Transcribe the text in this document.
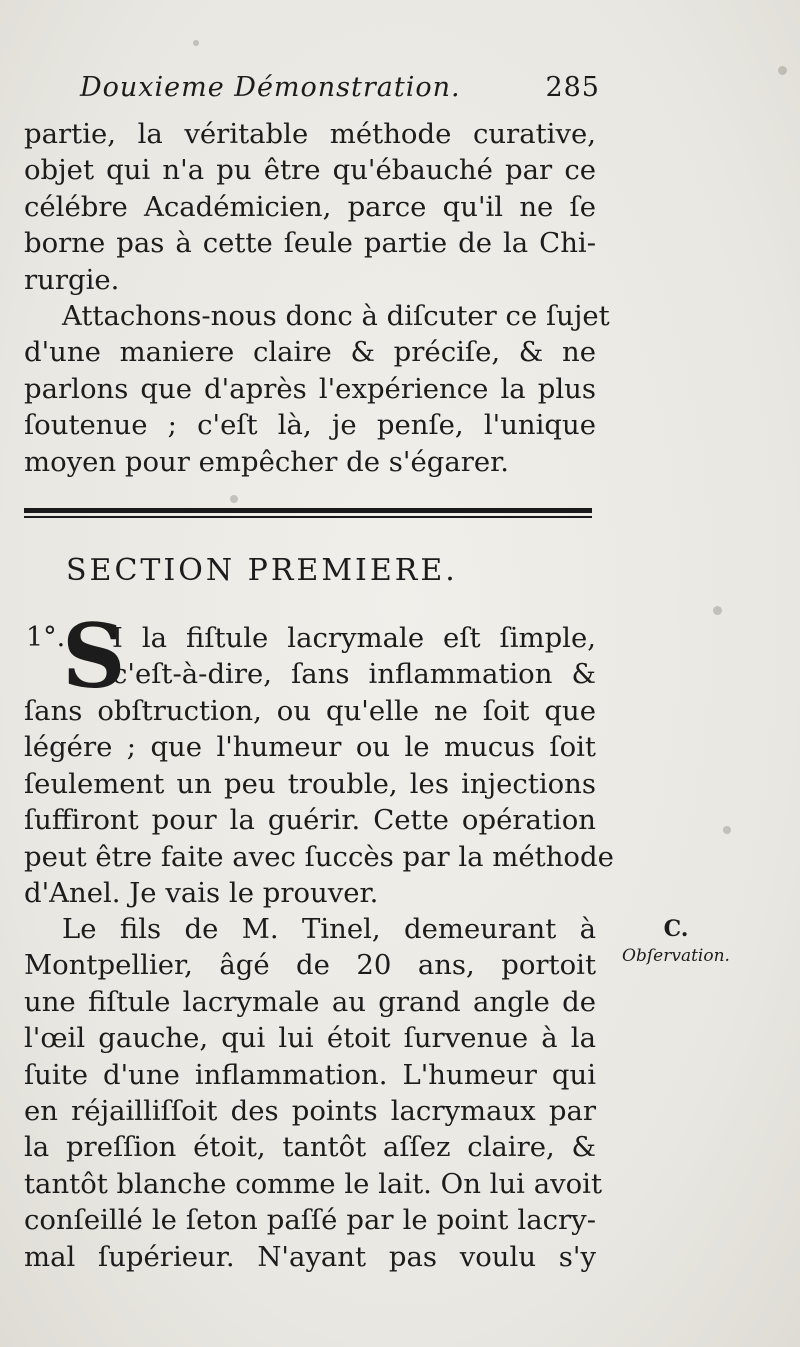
Douxieme Démonstration.	285
partie, la véritable méthode curative,
objet qui n'a pu être qu'ébauché par ce
célébre Académicien, parce qu'il ne ſe
borne pas à cette ſeule partie de la Chi-
rurgie.
Attachons-nous donc à diſcuter ce ſujet
d'une maniere claire & préciſe, & ne
parlons que d'après l'expérience la plus
ſoutenue ; c'eſt là, je penſe, l'unique
moyen pour empêcher de s'égarer.
SECTION PREMIERE.
1°.
S
I la fiſtule lacrymale eſt ſimple,
c'eſt-à-dire, ſans inflammation &
ſans obſtruction, ou qu'elle ne ſoit que
légére ; que l'humeur ou le mucus ſoit
ſeulement un peu trouble, les injections
ſuffiront pour la guérir. Cette opération
peut être faite avec ſuccès par la méthode
d'Anel. Je vais le prouver.
Le fils de M. Tinel, demeurant à
Montpellier, âgé de 20 ans, portoit
une fiſtule lacrymale au grand angle de
l'œil gauche, qui lui étoit ſurvenue à la
ſuite d'une inflammation. L'humeur qui
en réjailliſſoit des points lacrymaux par
la preſſion étoit, tantôt aſſez claire, &
tantôt blanche comme le lait. On lui avoit
conſeillé le ſeton paſſé par le point lacry-
mal ſupérieur. N'ayant pas voulu s'y
C.
Obſervation.
